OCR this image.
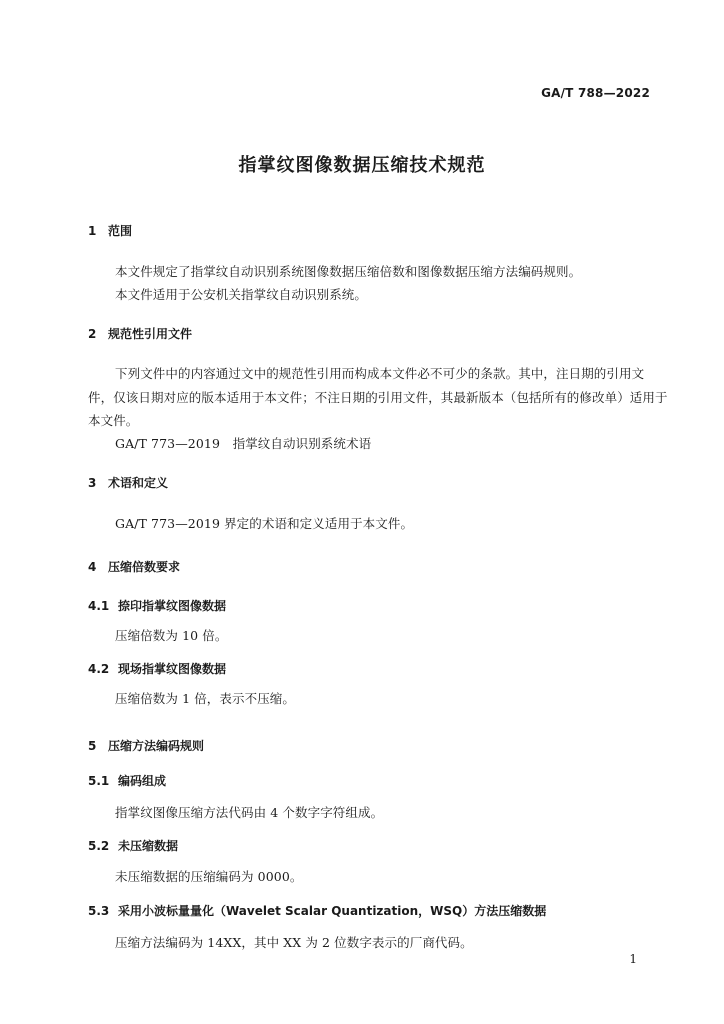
GA/T 788—2022
指掌纹图像数据压缩技术规范
1 范围
本文件规定了指掌纹自动识别系统图像数据压缩倍数和图像数据压缩方法编码规则。
本文件适用于公安机关指掌纹自动识别系统。
2 规范性引用文件
下列文件中的内容通过文中的规范性引用而构成本文件必不可少的条款。其中，注日期的引用文
件，仅该日期对应的版本适用于本文件；不注日期的引用文件，其最新版本（包括所有的修改单）适用于
本文件。
GA/T 773—2019　指掌纹自动识别系统术语
3 术语和定义
GA/T 773—2019 界定的术语和定义适用于本文件。
4 压缩倍数要求
4.1 捺印指掌纹图像数据
压缩倍数为 10 倍。
4.2 现场指掌纹图像数据
压缩倍数为 1 倍，表示不压缩。
5 压缩方法编码规则
5.1 编码组成
指掌纹图像压缩方法代码由 4 个数字字符组成。
5.2 未压缩数据
未压缩数据的压缩编码为 0000。
5.3 采用小波标量量化（Wavelet Scalar Quantization，WSQ）方法压缩数据
压缩方法编码为 14XX，其中 XX 为 2 位数字表示的厂商代码。
1
